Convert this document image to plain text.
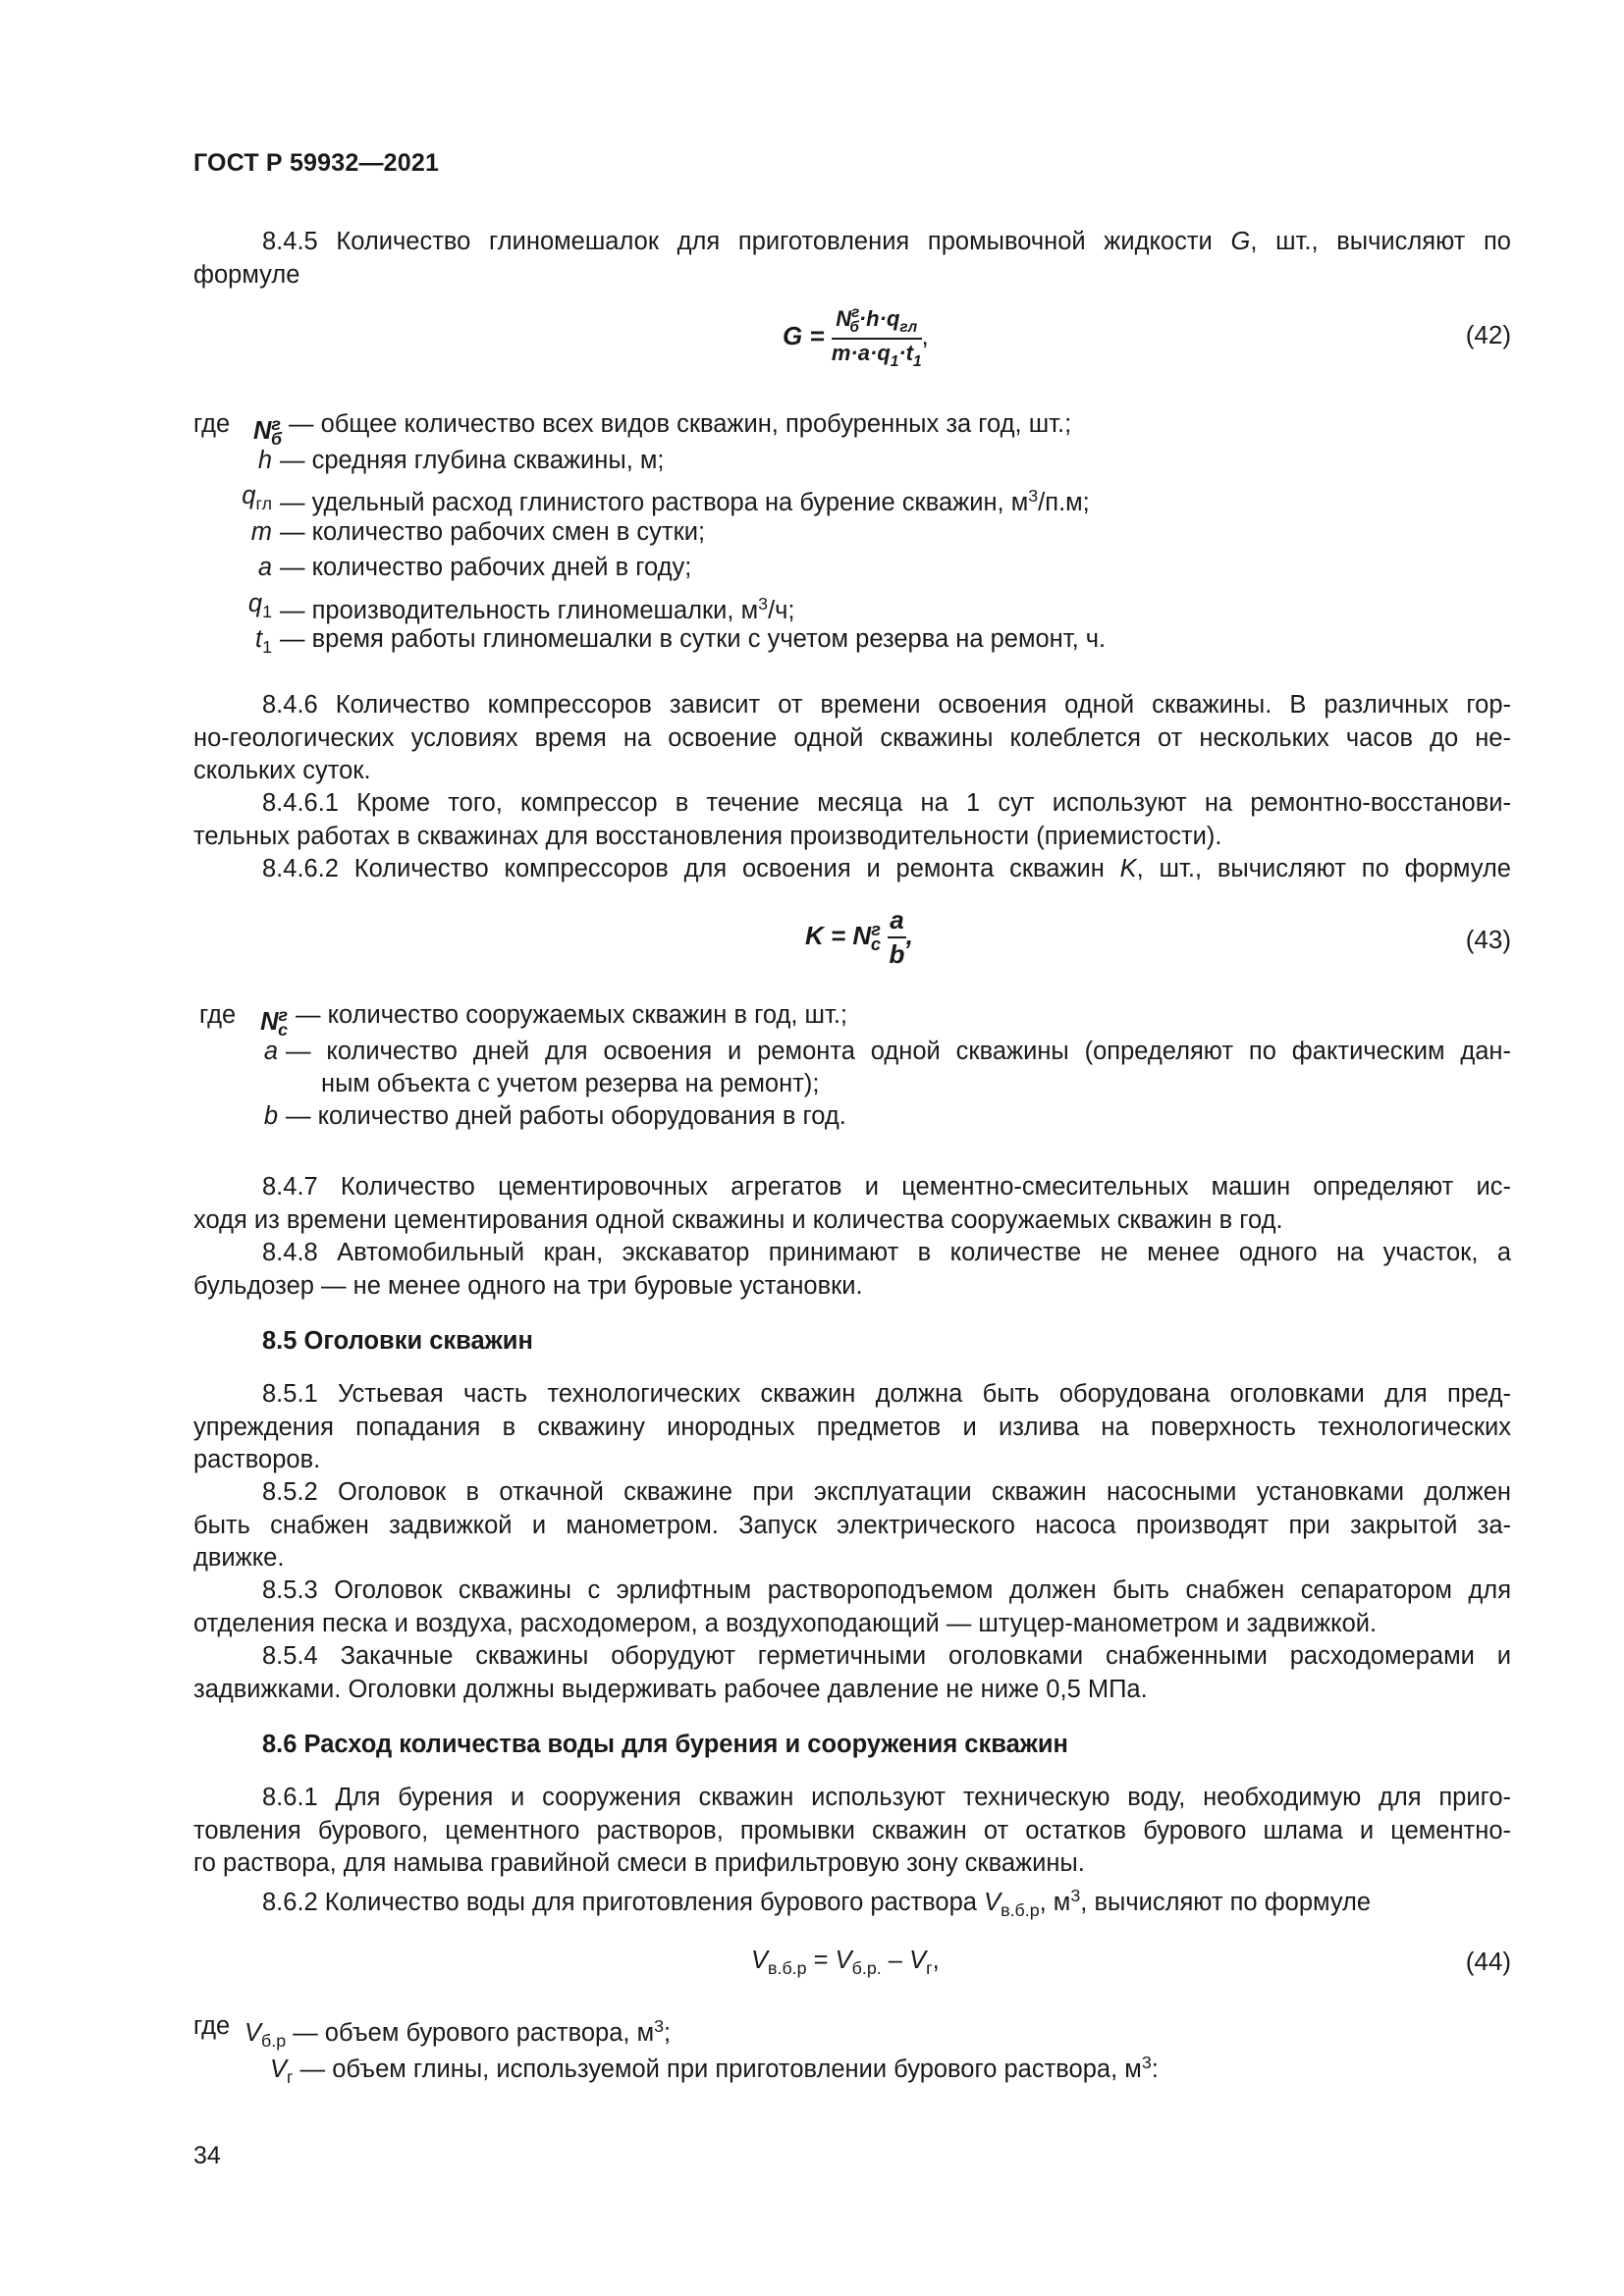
ГОСТ Р 59932—2021
8.4.5 Количество глиномешалок для приготовления промывочной жидкости G, шт., вычисляют по
формуле
$G = \frac{N^г_б\cdot h\cdot q_{гл}}{m\cdot a\cdot q_1\cdot t_1}$ ,	(42)
где $N^г_б$
— общее количество всех видов скважин, пробуренных за год, шт.;
h — средняя глубина скважины, м;
$q_{гл}$ — удельный расход глинистого раствора на бурение скважин, $м^3/п.м$;
m — количество рабочих смен в сутки;
a — количество рабочих дней в году;
$q_1$ — производительность глиномешалки, $м^3/ч$;
$t_1$ — время работы глиномешалки в сутки с учетом резерва на ремонт, ч.
8.4.6 Количество компрессоров зависит от времени освоения одной скважины. В различных гор-
но-геологических условиях время на освоение одной скважины колеблется от нескольких часов до не-
скольких суток.
8.4.6.1 Кроме того, компрессор в течение месяца на 1 сут используют на ремонтно-восстанови-
тельных работах в скважинах для восстановления производительности (приемистости).
8.4.6.2 Количество компрессоров для освоения и ремонта скважин K, шт., вычисляют по формуле
$K = N^г_с \frac{a}{b}$ ,	(43)
где $N^г_с$
— количество сооружаемых скважин в год, шт.;
a — количество дней для освоения и ремонта одной скважины (определяют по фактическим дан-
ным объекта с учетом резерва на ремонт);
b — количество дней работы оборудования в год.
8.4.7 Количество цементировочных агрегатов и цементно-смесительных машин определяют ис-
ходя из времени цементирования одной скважины и количества сооружаемых скважин в год.
8.4.8 Автомобильный кран, экскаватор принимают в количестве не менее одного на участок, а
бульдозер — не менее одного на три буровые установки.
8.5 Оголовки скважин
8.5.1 Устьевая часть технологических скважин должна быть оборудована оголовками для пред-
упреждения попадания в скважину инородных предметов и излива на поверхность технологических
растворов.
8.5.2 Оголовок в откачной скважине при эксплуатации скважин насосными установками должен
быть снабжен задвижкой и манометром. Запуск электрического насоса производят при закрытой за-
движке.
8.5.3 Оголовок скважины с эрлифтным раствороподъемом должен быть снабжен сепаратором для
отделения песка и воздуха, расходомером, а воздухоподающий — штуцер-манометром и задвижкой.
8.5.4 Закачные скважины оборудуют герметичными оголовками снабженными расходомерами и
задвижками. Оголовки должны выдерживать рабочее давление не ниже 0,5 МПа.
8.6 Расход количества воды для бурения и сооружения скважин
8.6.1 Для бурения и сооружения скважин используют техническую воду, необходимую для приго-
товления бурового, цементного растворов, промывки скважин от остатков бурового шлама и цементно-
го раствора, для намыва гравийной смеси в прифильтровую зону скважины.
8.6.2 Количество воды для приготовления бурового раствора $V_{в.б.р}$, $м^3$, вычисляют по формуле
$V_{в.б.р} = V_{б.р.} - V_г$,	(44)
где $V_{б.р}$ — объем бурового раствора, $м^3$;
$V_г$ — объем глины, используемой при приготовлении бурового раствора, $м^3$:
34
